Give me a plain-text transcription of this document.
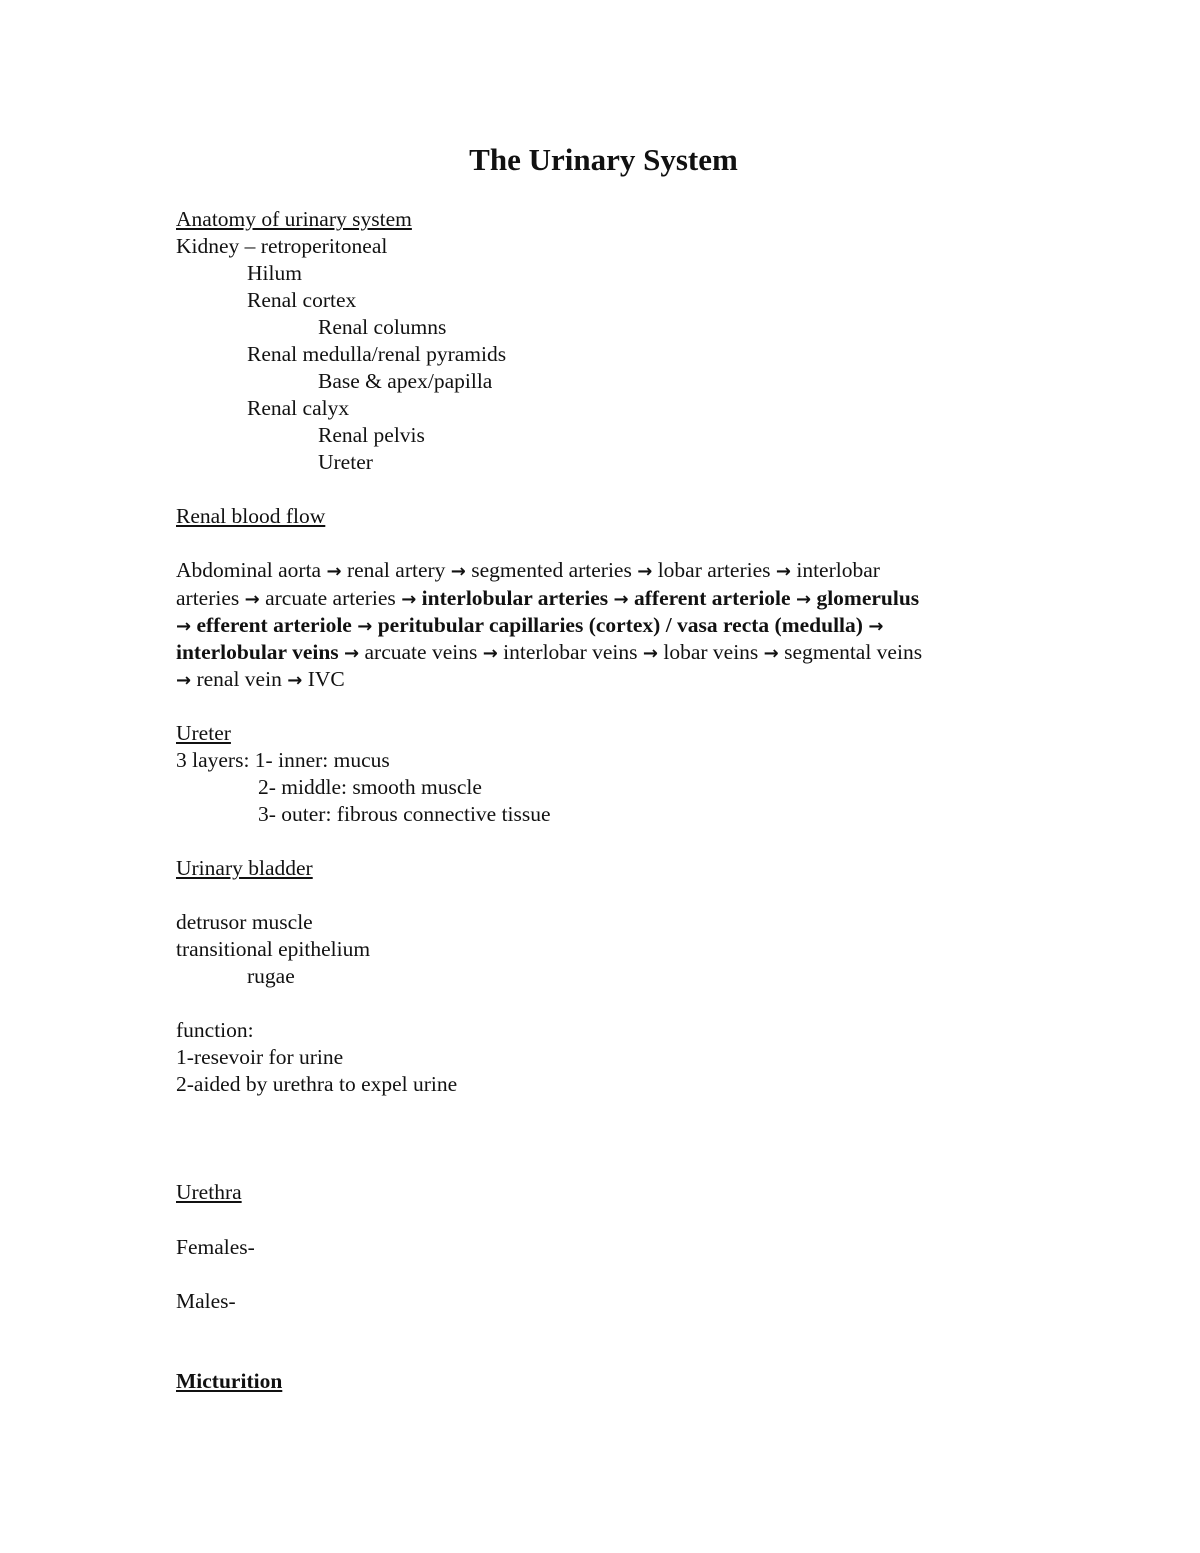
The Urinary System
Anatomy of urinary system
Kidney – retroperitoneal
Hilum
Renal cortex
Renal columns
Renal medulla/renal pyramids
Base & apex/papilla
Renal calyx
Renal pelvis
Ureter
Renal blood flow
Abdominal aorta → renal artery → segmented arteries → lobar arteries → interlobar
arteries → arcuate arteries → interlobular arteries → afferent arteriole → glomerulus
→ efferent arteriole → peritubular capillaries (cortex) / vasa recta (medulla) →
interlobular veins → arcuate veins → interlobar veins → lobar veins → segmental veins
→ renal vein → IVC
Ureter
3 layers: 1- inner: mucus
2- middle: smooth muscle
3- outer: fibrous connective tissue
Urinary bladder
detrusor muscle
transitional epithelium
rugae
function:
1-resevoir for urine
2-aided by urethra to expel urine
Urethra
Females-
Males-
Micturition
